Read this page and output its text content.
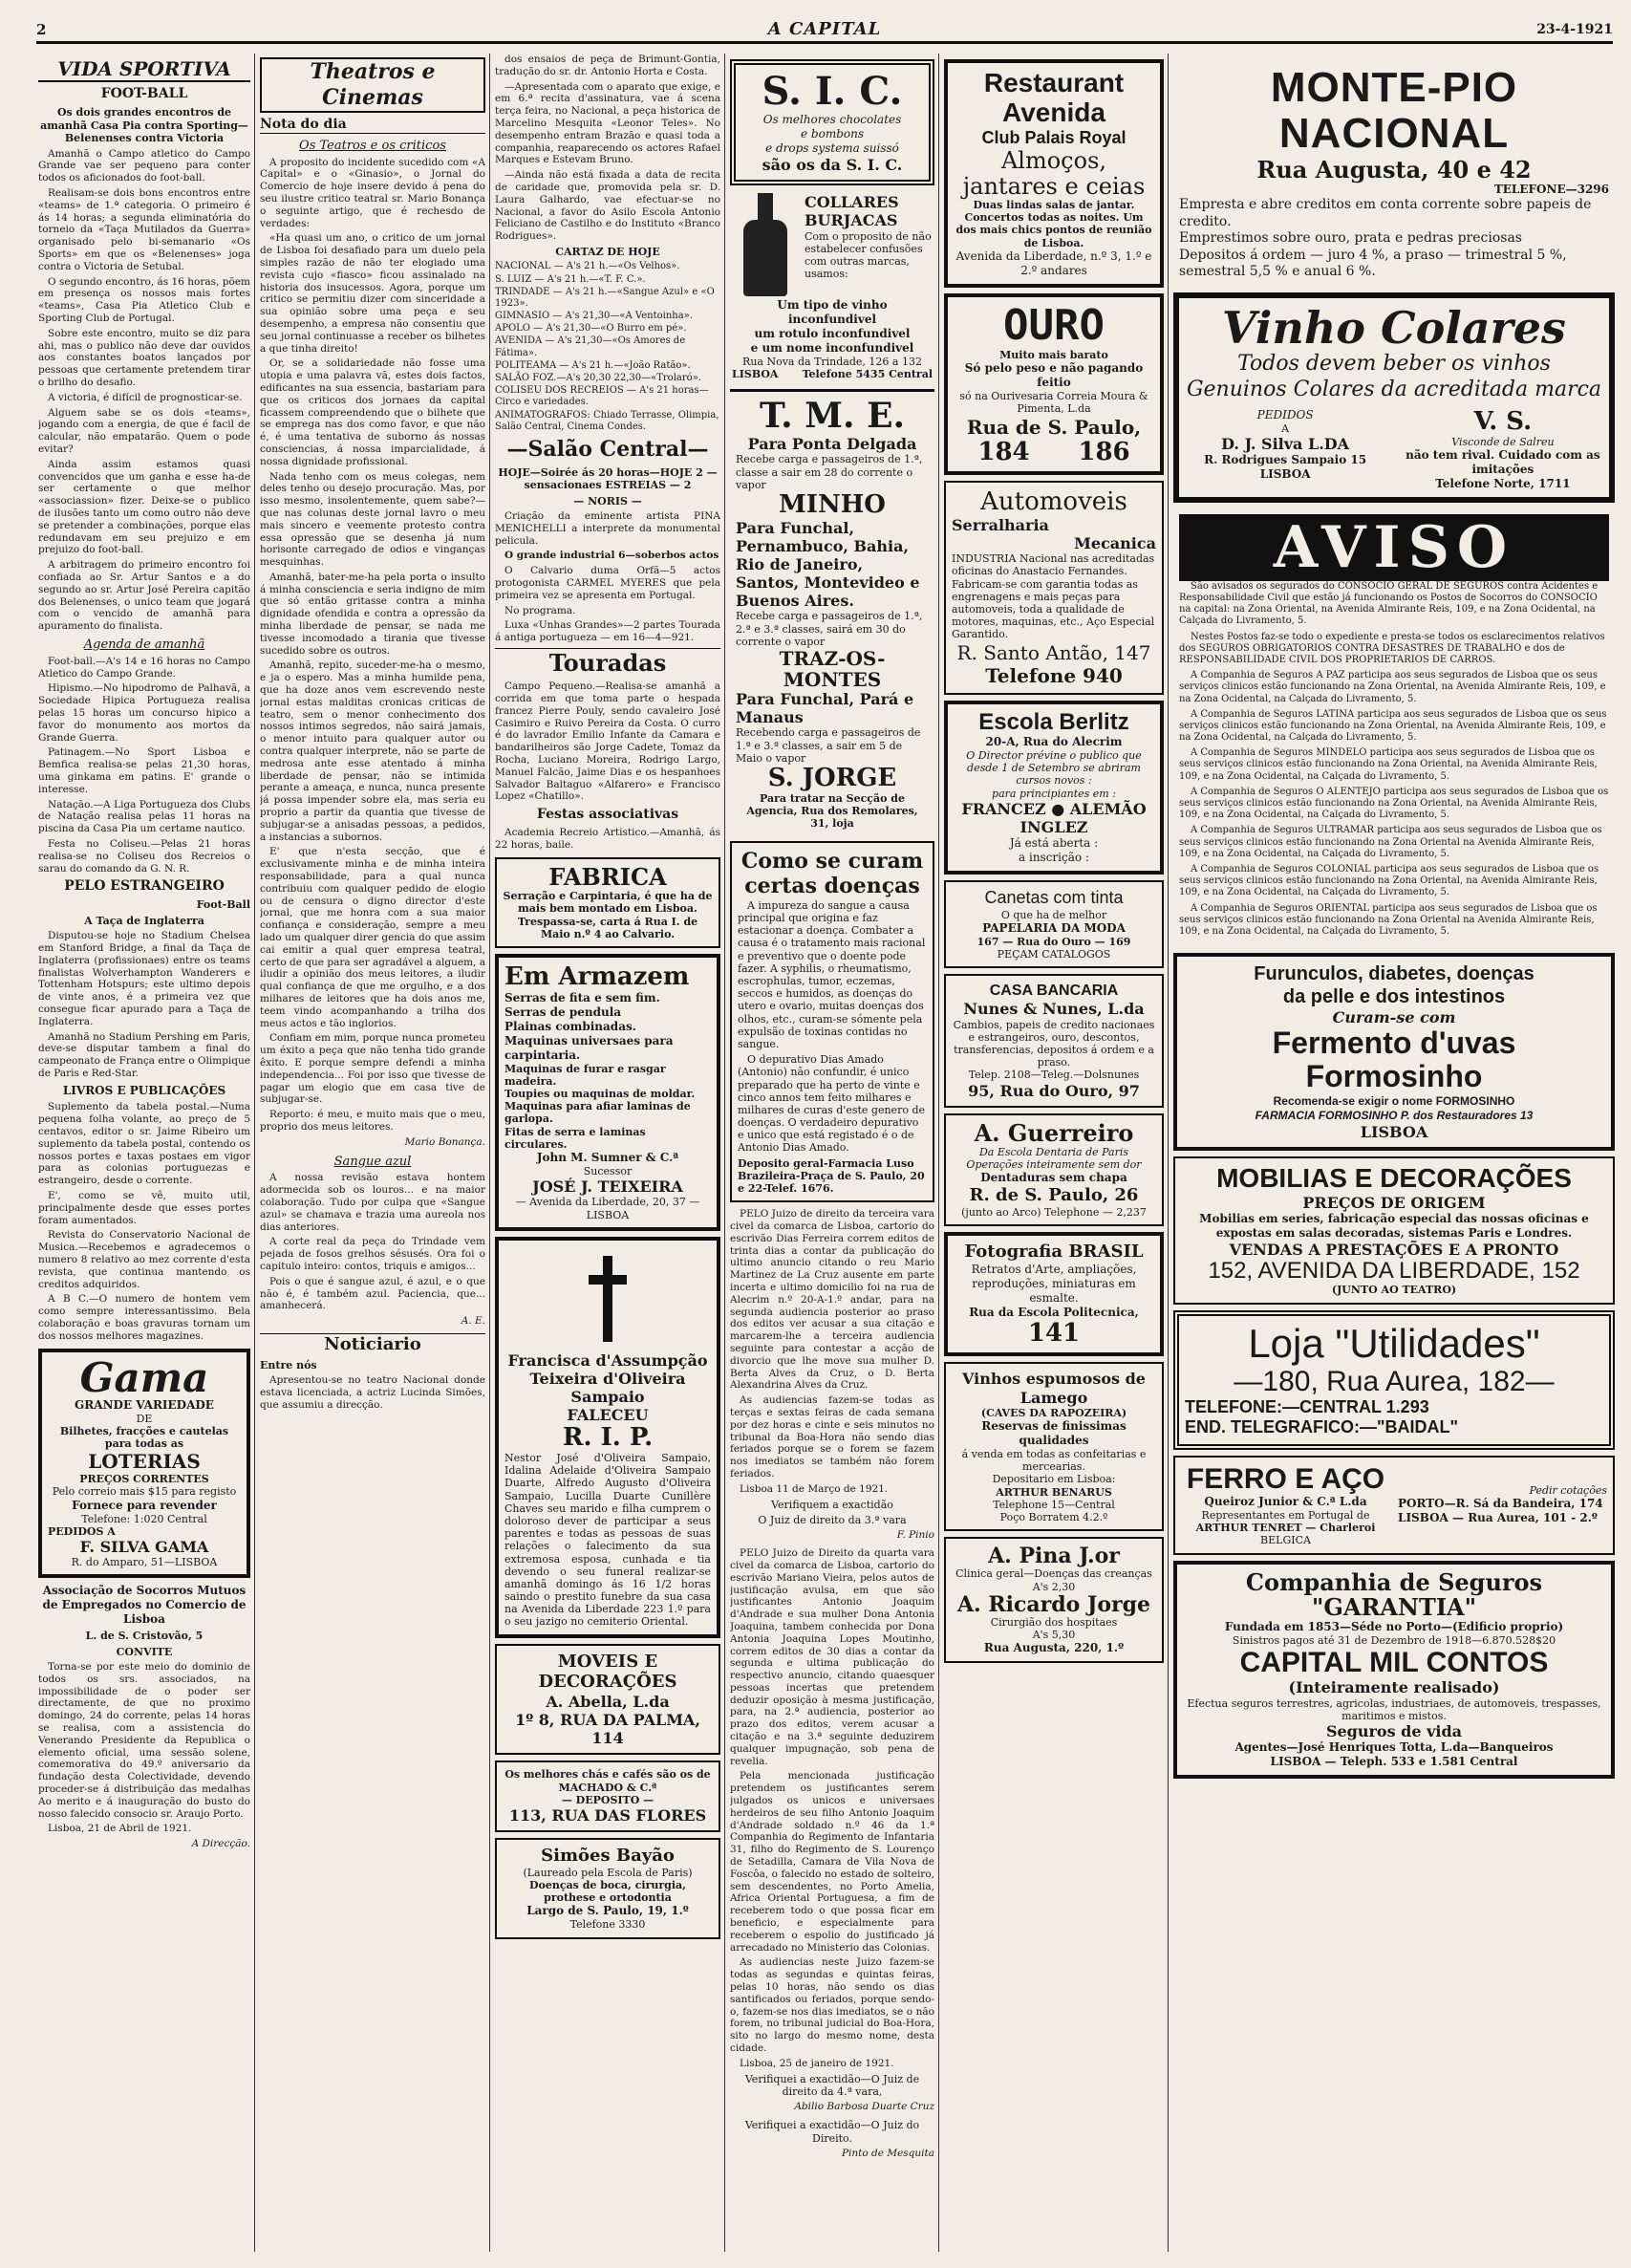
2	A CAPITAL	23-4-1921
VIDA SPORTIVA
FOOT-BALL
Os dois grandes encontros de amanhã Casa Pia contra Sporting—Belenenses contra Victoria

Amanhã o Campo atletico do Campo Grande vae ser pequeno para conter todos os aficionados do foot-ball.

Realisam-se dois bons encontros entre «teams» de 1.ª categoria. O primeiro é ás 14 horas; a segunda eliminatória do torneio da «Taça Mutilados da Guerra» organisado pelo bi-semanario «Os Sports» em que os «Belenenses» joga contra o Victoria de Setubal.

O segundo encontro, ás 16 horas, põem em presença os nossos mais fortes «teams», Casa Pia Atletico Club e Sporting Club de Portugal.

Sobre este encontro, muito se diz para ahi, mas o publico não deve dar ouvidos aos constantes boatos lançados por pessoas que certamente pretendem tirar o brilho do desafio.

A victoria, é difícil de prognosticar-se.

Alguem sabe se os dois «teams», jogando com a energia, de que é facil de calcular, não empatarão. Quem o pode evitar?

Ainda assim estamos quasi convencidos que um ganha e esse ha-de ser certamente o que melhor «associassion» fizer. Deixe-se o publico de ilusões tanto um como outro não deve se pretender a combinações, porque elas redundavam em seu prejuizo e em prejuizo do foot-ball.

A arbitragem do primeiro encontro foi confiada ao Sr. Artur Santos e a do segundo ao sr. Artur José Pereira capitão dos Belenenses, o unico team que jogará com o vencido de amanhã para apuramento do finalista.

Agenda de amanhã

Foot-ball.—A's 14 e 16 horas no Campo Atletico do Campo Grande.

Hipismo.—No hipodromo de Palhavã, a Sociedade Hipica Portugueza realisa pelas 15 horas um concurso hipico a favor do monumento aos mortos da Grande Guerra.

Patinagem.—No Sport Lisboa e Bemfica realisa-se pelas 21,30 horas, uma ginkama em patins. E' grande o interesse.

Natação.—A Liga Portugueza dos Clubs de Natação realisa pelas 11 horas na piscina da Casa Pia um certame nautico.

Festa no Coliseu.—Pelas 21 horas realisa-se no Coliseu dos Recreios o sarau do comando da G. N. R.

PELO ESTRANGEIRO
Foot-Ball
A Taça de Inglaterra

Disputou-se hoje no Stadium Chelsea em Stanford Bridge, a final da Taça de Inglaterra (profissionaes) entre os teams finalistas Wolverhampton Wanderers e Tottenham Hotspurs; este ultimo depois de vinte anos, é a primeira vez que consegue ficar apurado para a Taça de Inglaterra.

Amanhã no Stadium Pershing em Paris, deve-se disputar tambem a final do campeonato de França entre o Olimpique de Paris e Red-Star.

LIVROS E PUBLICAÇÕES

Suplemento da tabela postal.—Numa pequena folha volante, ao preço de 5 centavos, editor o sr. Jaime Ribeiro um suplemento da tabela postal, contendo os nossos portes e taxas postaes em vigor para as colonias portuguezas e estrangeiro, desde o corrente.

E', como se vê, muito util, principalmente desde que esses portes foram aumentados.

Revista do Conservatorio Nacional de Musica.—Recebemos e agradecemos o numero 8 relativo ao mez corrente d'esta revista, que continua mantendo os creditos adquiridos.

A B C.—O numero de hontem vem como sempre interessantissimo. Bela colaboração e boas gravuras tornam um dos nossos melhores magazines.

Gama
GRANDE VARIEDADE
DE
Bilhetes, fracções e cautelas para todas as
LOTERIAS
PREÇOS CORRENTES
Pelo correio mais $15 para registo
Fornece para revender
Telefone: 1:020 Central
PEDIDOS A
F. SILVA GAMA
R. do Amparo, 51—LISBOA
Associação de Socorros Mutuos de Empregados no Comercio de Lisboa
L. de S. Cristovão, 5
CONVITE

Torna-se por este meio do dominio de todos os srs. associados, na impossibilidade de o poder ser directamente, de que no proximo domingo, 24 do corrente, pelas 14 horas se realisa, com a assistencia do Venerando Presidente da Republica o elemento oficial, uma sessão solene, comemorativa do 49.º aniversario da fundação desta Colectividade, devendo proceder-se á distribuição das medalhas Ao merito e á inauguração do busto do nosso falecido consocio sr. Araujo Porto.

Lisboa, 21 de Abril de 1921.

A Direcção.
Theatros e Cinemas
Nota do dia
Os Teatros e os criticos

A proposito do incidente sucedido com «A Capital» e o «Ginasio», o Jornal do Comercio de hoje insere devido á pena do seu ilustre critico teatral sr. Mario Bonança o seguinte artigo, que é rechesdo de verdades:

«Ha quasi um ano, o critico de um jornal de Lisboa foi desafiado para um duelo pela simples razão de não ter elogiado uma revista cujo «fiasco» ficou assinalado na historia dos insucessos. Agora, porque um critico se permitiu dizer com sinceridade a sua opinião sobre uma peça e seu desempenho, a empresa não consentiu que seu jornal continuasse a receber os bilhetes a que tinha direito!

Or, se a solidariedade não fosse uma utopia e uma palavra vã, estes dois factos, edificantes na sua essencia, bastariam para que os criticos dos jornaes da capital ficassem compreendendo que o bilhete que se emprega nas dos como favor, e que não é, é uma tentativa de suborno ás nossas consciencias, á nossa imparcialidade, á nossa dignidade profissional.

Nada tenho com os meus colegas, nem deles tenho ou desejo procuração. Mas, por isso mesmo, insolentemente, quem sabe?—que nas colunas deste jornal lavro o meu mais sincero e veemente protesto contra essa opressão que se desenha já num horisonte carregado de odios e vinganças mesquinhas.

Amanhã, bater-me-ha pela porta o insulto á minha consciencia e seria indigno de mim que só então gritasse contra a minha dignidade ofendida e contra a opressão da minha liberdade de pensar, se nada me tivesse incomodado a tirania que tivesse sucedido sobre os outros.

Amanhã, repito, suceder-me-ha o mesmo, e ja o espero. Mas a minha humilde pena, que ha doze anos vem escrevendo neste jornal estas malditas cronicas criticas de teatro, sem o menor conhecimento dos nossos intimos segredos, não sairá jamais, o menor intuito para qualquer autor ou contra qualquer interprete, não se parte de medrosa ante esse atentado á minha liberdade de pensar, não se intimida perante a ameaça, e nunca, nunca presente já possa impender sobre ela, mas seria eu proprio a partir da quantia que tivesse de subjugar-se a anisadas pessoas, a pedidos, a instancias a subornos.

E' que n'esta secção, que é exclusivamente minha e de minha inteira responsabilidade, para a qual nunca contribuiu com qualquer pedido de elogio ou de censura o digno director d'este jornal, que me honra com a sua maior confiança e consideração, sempre a meu lado um qualquer direr gencia do que assim cai emitir a qual quer empresa teatral, certo de que para ser agradável a alguem, a iludir a opinião dos meus leitores, a iludir qual confiança de que me orgulho, e a dos milhares de leitores que ha dois anos me, teem vindo acompanhando a trilha dos meus actos e tão inglorios.

Confiam em mim, porque nunca prometeu um éxito a peça que não tenha tido grande êxito. E porque sempre defendi a minha independencia... Foi por isso que tivesse de pagar um elogio que em casa tive de subjugar-se.

Reporto: é meu, e muito mais que o meu, proprio dos meus leitores.

Mario Bonança.
Sangue azul

A nossa revisão estava hontem adormecida sob os louros... e na maior colaboração. Tudo por culpa que «Sangue azul» se chamava e trazia uma aureola nos dias anteriores.

A corte real da peça do Trindade vem pejada de fosos grelhos sésusés. Ora foi o capitulo inteiro: contos, triquis e amigos...

Pois o que é sangue azul, é azul, e o que não é, é também azul. Paciencia, que... amanhecerá.

A. E.
Noticiario
Entre nós

Apresentou-se no teatro Nacional donde estava licenciada, a actriz Lucinda Simões, que assumiu a direcção.

dos ensaios de peça de Brimunt-Gontia, tradução do sr. dr. Antonio Horta e Costa.

—Apresentada com o aparato que exige, e em 6.ª recita d'assinatura, vae á scena terça feira, no Nacional, a peça historica de Marcelino Mesquita «Leonor Teles». No desempenho entram Brazão e quasi toda a companhia, reaparecendo os actores Rafael Marques e Estevam Bruno.

—Ainda não está fixada a data de recita de caridade que, promovida pela sr. D. Laura Galhardo, vae efectuar-se no Nacional, a favor do Asilo Escola Antonio Feliciano de Castilho e do Instituto «Branco Rodrigues».

CARTAZ DE HOJE
NACIONAL — A's 21 h.—«Os Velhos».
S. LUIZ — A's 21 h.—«T. F. C.».
TRINDADE — A's 21 h.—«Sangue Azul» e «O 1923».
GIMNASIO — A's 21,30—«A Ventoinha».
APOLO — A's 21,30—«O Burro em pé».
AVENIDA — A's 21,30—«Os Amores de Fátima».
POLITEAMA — A's 21 h.—«João Ratão».
SALÃO FOZ.—A's 20,30 22,30—«Trolaró».
COLISEU DOS RECREIOS — A's 21 horas—Circo e variedades.
ANIMATOGRAFOS: Chiado Terrasse, Olimpia, Salão Central, Cinema Condes.
—Salão Central—
HOJE—Soirée ás 20 horas—HOJE 2 — sensacionaes ESTREIAS — 2
— NORIS —

Criação da eminente artista PINA MENICHELLI a interprete da monumental pelicula.

O grande industrial 6—soberbos actos

O Calvario duma Orfã—5 actos protogonista CARMEL MYERES que pela primeira vez se apresenta em Portugal.

No programa.

Luxa «Unhas Grandes»—2 partes Tourada á antiga portugueza — em 16—4—921.

Touradas

Campo Pequeno.—Realisa-se amanhã a corrida em que toma parte o hespada francez Pierre Pouly, sendo cavaleiro José Casimiro e Ruivo Pereira da Costa. O curro é do lavrador Emilio Infante da Camara e bandarilheiros são Jorge Cadete, Tomaz da Rocha, Luciano Moreira, Rodrigo Largo, Manuel Falcão, Jaime Dias e os hespanhoes Salvador Baltaguo «Alfarero» e Francisco Lopez «Chatillo».

Festas associativas

Academia Recreio Artistico.—Amanhã, ás 22 horas, baile.

FABRICA
Serração e Carpintaria, é que ha de mais bem montado em Lisboa. Trespassa-se, carta á Rua I. de Maio n.º 4 ao Calvario.
Em Armazem
Serras de fita e sem fim.
Serras de pendula
Plainas combinadas.
Maquinas universaes para carpintaria.
Maquinas de furar e rasgar madeira.
Toupies ou maquinas de moldar.
Maquinas para afiar laminas de garlopa.
Fitas de serra e laminas circulares.
John M. Sumner & C.ª
Sucessor
JOSÉ J. TEIXEIRA
— Avenida da Liberdade, 20, 37 — LISBOA
Francisca d'Assumpção Teixeira d'Oliveira Sampaio
FALECEU
R. I. P.
Nestor José d'Oliveira Sampaio, Idalina Adelaide d'Oliveira Sampaio Duarte, Alfredo Augusto d'Oliveira Sampaio, Lucilla Duarte Cunillère Chaves seu marido e filha cumprem o doloroso dever de participar a seus parentes e todas as pessoas de suas relações o falecimento da sua extremosa esposa, cunhada e tia devendo o seu funeral realizar-se amanhã domingo ás 16 1/2 horas saindo o prestito funebre da sua casa na Avenida da Liberdade 223 1.º para o seu jazigo no cemiterio Oriental.
MOVEIS E DECORAÇÕES
A. Abella, L.da
1º 8, RUA DA PALMA, 114
Os melhores chás e cafés são os de MACHADO & C.ª
— DEPOSITO —
113, RUA DAS FLORES
Simões Bayão
(Laureado pela Escola de Paris)
Doenças de boca, cirurgia, prothese e ortodontia
Largo de S. Paulo, 19, 1.º
Telefone 3330
S. I. C.
Os melhores chocolates
e bombons
e drops systema suissó
são os da S. I. C.
COLLARES BURJACAS
Com o proposito de não estabelecer confusões com outras marcas, usamos:
Um tipo de vinho inconfundivel
um rotulo inconfundivel
e um nome inconfundivel
Rua Nova da Trindade, 126 a 132
LISBOA Telefone 5435 Central
T. M. E.
Para Ponta Delgada
Recebe carga e passageiros de 1.ª, classe a sair em 28 do corrente o vapor
MINHO
Para Funchal, Pernambuco, Bahia, Rio de Janeiro, Santos, Montevideo e Buenos Aires.
Recebe carga e passageiros de 1.ª, 2.ª e 3.ª classes, sairá em 30 do corrente o vapor
TRAZ-OS-MONTES
Para Funchal, Pará e Manaus
Recebendo carga e passageiros de 1.ª e 3.ª classes, a sair em 5 de Maio o vapor
S. JORGE
Para tratar na Secção de Agencia, Rua dos Remolares, 31, loja
Como se curam certas doenças

A impureza do sangue a causa principal que origina e faz estacionar a doença. Combater a causa é o tratamento mais racional e preventivo que o doente pode fazer. A syphilis, o rheumatismo, escrophulas, tumor, eczemas, seccos e humidos, as doenças do utero e ovario, muitas doenças dos olhos, etc., curam-se sómente pela expulsão de toxinas contidas no sangue.

O depurativo Dias Amado (Antonio) não confundir, é unico preparado que ha perto de vinte e cinco annos tem feito milhares e milhares de curas d'este genero de doenças. O verdadeiro depurativo e unico que está registado é o de Antonio Dias Amado.

Deposito geral-Farmacia Luso Brazileira-Praça de S. Paulo, 20 e 22-Telef. 1676.

PELO Juizo de direito da terceira vara civel da comarca de Lisboa, cartorio do escrivão Dias Ferreira correm editos de trinta dias a contar da publicação do ultimo anuncio citando o reu Mario Martinez de La Cruz ausente em parte incerta e ultimo domicilio foi na rua de Alecrim n.º 20-A-1.º andar, para na segunda audiencia posterior ao praso dos editos ver acusar a sua citação e marcarem-lhe a terceira audiencia seguinte para contestar a acção de divorcio que lhe move sua mulher D. Berta Alves da Cruz, o D. Berta Alexandrina Alves da Cruz.

As audiencias fazem-se todas as terças e sextas feiras de cada semana por dez horas e cinte e seis minutos no tribunal da Boa-Hora não sendo dias feriados porque se o forem se fazem nos imediatos se também não forem feriados.

Lisboa 11 de Março de 1921.

Verifiquem a exactidão
O Juiz de direito da 3.ª vara
F. Pinio

PELO Juizo de Direito da quarta vara civel da comarca de Lisboa, cartorio do escrivão Mariano Vieira, pelos autos de justificação avulsa, em que são justificantes Antonio Joaquim d'Andrade e sua mulher Dona Antonia Joaquina, tambem conhecida por Dona Antonia Joaquina Lopes Moutinho, correm editos de 30 dias a contar da segunda e ultima publicação do respectivo anuncio, citando quaesquer pessoas incertas que pretendem deduzir oposição à mesma justificação, para, na 2.ª audiencia, posterior ao prazo dos editos, verem acusar a citação e na 3.ª seguinte deduzirem qualquer impugnação, sob pena de revelia.

Pela mencionada justificação pretendem os justificantes serem julgados os unicos e universaes herdeiros de seu filho Antonio Joaquim d'Andrade soldado n.º 46 da 1.ª Companhia do Regimento de Infantaria 31, filho do Regimento de S. Lourenço de Setadilla, Camara de Vila Nova de Foscôa, o falecido no estado de solteiro, sem descendentes, no Porto Amelia, Africa Oriental Portuguesa, a fim de receberem todo o que possa ficar em beneficio, e especialmente para receberem o espolio do justificado já arrecadado no Ministerio das Colonias.

As audiencias neste Juizo fazem-se todas as segundas e quintas feiras, pelas 10 horas, não sendo os dias santificados ou feriados, porque sendo-o, fazem-se nos dias imediatos, se o não forem, no tribunal judicial do Boa-Hora, sito no largo do mesmo nome, desta cidade.

Lisboa, 25 de janeiro de 1921.

Verifiquei a exactidão—O Juiz de direito da 4.ª vara,
Abilio Barbosa Duarte Cruz
Verifiquei a exactidão—O Juiz do Direito.
Pinto de Mesquita
Restaurant Avenida
Club Palais Royal
Almoços, jantares e ceias
Duas lindas salas de jantar. Concertos todas as noites. Um dos mais chics pontos de reunião de Lisboa.
Avenida da Liberdade, n.º 3, 1.º e 2.º andares
OURO
Muito mais barato
Só pelo peso e não pagando feitio
só na Ourivesaria Correia Moura & Pimenta, L.da
Rua de S. Paulo,
184 186
Automoveis
Serralharia
Mecanica
INDUSTRIA Nacional nas acreditadas oficinas do Anastacio Fernandes.
Fabricam-se com garantia todas as engrenagens e mais peças para automoveis, toda a qualidade de motores, maquinas, etc., Aço Especial Garantido.
R. Santo Antão, 147
Telefone 940
Escola Berlitz
20-A, Rua do Alecrim
O Director prévine o publico que desde 1 de Setembro se abriram cursos novos :
para principiantes em :
FRANCEZ ● ALEMÃO
INGLEZ
Já está aberta :
a inscrição :
Canetas com tinta
O que ha de melhor
PAPELARIA DA MODA
167 — Rua do Ouro — 169
PEÇAM CATALOGOS
CASA BANCARIA
Nunes & Nunes, L.da
Cambios, papeis de credito nacionaes e estrangeiros, ouro, descontos, transferencias, depositos á ordem e a praso.
Telep. 2108—Teleg.—Dolsnunes
95, Rua do Ouro, 97
A. Guerreiro
Da Escola Dentaria de Paris
Operações inteiramente sem dor
Dentaduras sem chapa
R. de S. Paulo, 26
(junto ao Arco) Telephone — 2,237
Fotografia BRASIL
Retratos d'Arte, ampliações, reproduções, miniaturas em esmalte.
Rua da Escola Politecnica,
141
Vinhos espumosos de Lamego
(CAVES DA RAPOZEIRA)
Reservas de finissimas qualidades
á venda em todas as confeitarias e mercearias.
Depositario em Lisboa:
ARTHUR BENARUS
Telephone 15—Central
Poço Borratem 4.2.º
A. Pina J.or
Clinica geral—Doenças das creanças
A's 2,30
A. Ricardo Jorge
Cirurgião dos hospitaes
A's 5,30
Rua Augusta, 220, 1.º
MONTE-PIO NACIONAL
Rua Augusta, 40 e 42
TELEFONE—3296
Empresta e abre creditos em conta corrente sobre papeis de credito.
Emprestimos sobre ouro, prata e pedras preciosas
Depositos á ordem — juro 4 %, a praso — trimestral 5 %, semestral 5,5 % e anual 6 %.
Vinho Colares
Todos devem beber os vinhos Genuinos Colares da acreditada marca
PEDIDOS
A
D. J. Silva L.DA
R. Rodrigues Sampaio 15
LISBOA
V. S.
Visconde de Salreu
não tem rival. Cuidado com as imitações
Telefone Norte, 1711
AVISO

São avisados os segurados do CONSOCIO GERAL DE SEGUROS contra Acidentes e Responsabilidade Civil que estão já funcionando os Postos de Socorros do CONSOCIO na capital: na Zona Oriental, na Avenida Almirante Reis, 109, e na Zona Ocidental, na Calçada do Livramento, 5.

Nestes Postos faz-se todo o expediente e presta-se todos os esclarecimentos relativos dos SEGUROS OBRIGATORIOS CONTRA DESASTRES DE TRABALHO e dos de RESPONSABILIDADE CIVIL DOS PROPRIETARIOS DE CARROS.

A Companhia de Seguros A PAZ participa aos seus segurados de Lisboa que os seus serviços clinicos estão funcionando na Zona Oriental, na Avenida Almirante Reis, 109, e na Zona Ocidental, na Calçada do Livramento, 5.

A Companhia de Seguros LATINA participa aos seus segurados de Lisboa que os seus serviços clinicos estão funcionando na Zona Oriental, na Avenida Almirante Reis, 109, e na Zona Ocidental, na Calçada do Livramento, 5.

A Companhia de Seguros MINDELO participa aos seus segurados de Lisboa que os seus serviços clinicos estão funcionando na Zona Oriental, na Avenida Almirante Reis, 109, e na Zona Ocidental, na Calçada do Livramento, 5.

A Companhia de Seguros O ALENTEJO participa aos seus segurados de Lisboa que os seus serviços clinicos estão funcionando na Zona Oriental, na Avenida Almirante Reis, 109, e na Zona Ocidental, na Calçada do Livramento, 5.

A Companhia de Seguros ULTRAMAR participa aos seus segurados de Lisboa que os seus serviços clinicos estão funcionando na Zona Oriental na Avenida Almirante Reis, 109, e na Zona Ocidental, na Calçada do Livramento, 5.

A Companhia de Seguros COLONIAL participa aos seus segurados de Lisboa que os seus serviços clinicos estão funcionando na Zona Oriental, na Avenida Almirante Reis, 109, e na Zona Ocidental, na Calçada do Livramento, 5.

A Companhia de Seguros ORIENTAL participa aos seus segurados de Lisboa que os seus serviços clinicos estão funcionando na Zona Oriental na Avenida Almirante Reis, 109, e na Zona Ocidental, na Calçada do Livramento, 5.

Furunculos, diabetes, doenças
da pelle e dos intestinos
Curam-se com
Fermento d'uvas Formosinho
Recomenda-se exigir o nome FORMOSINHO
FARMACIA FORMOSINHO P. dos Restauradores 13
LISBOA
MOBILIAS E DECORAÇÕES
PREÇOS DE ORIGEM
Mobilias em series, fabricação especial das nossas oficinas e expostas em salas decoradas, sistemas Paris e Londres.
VENDAS A PRESTAÇÕES E A PRONTO
152, AVENIDA DA LIBERDADE, 152
(JUNTO AO TEATRO)
Loja "Utilidades"
—180, Rua Aurea, 182—
TELEFONE:—CENTRAL 1.293
END. TELEGRAFICO:—"BAIDAL"
FERRO E AÇO
Queiroz Junior & C.ª L.da
Representantes em Portugal de
ARTHUR TENRET — Charleroi
BELGICA
Pedir cotações
PORTO—R. Sá da Bandeira, 174
LISBOA — Rua Aurea, 101 - 2.º
Companhia de Seguros "GARANTIA"
Fundada em 1853—Séde no Porto—(Edificio proprio)
Sinistros pagos até 31 de Dezembro de 1918—6.870.528$20
CAPITAL MIL CONTOS
(Inteiramente realisado)
Efectua seguros terrestres, agricolas, industriaes, de automoveis, trespasses, maritimos e mistos.
Seguros de vida
Agentes—José Henriques Totta, L.da—Banqueiros
LISBOA — Teleph. 533 e 1.581 Central
